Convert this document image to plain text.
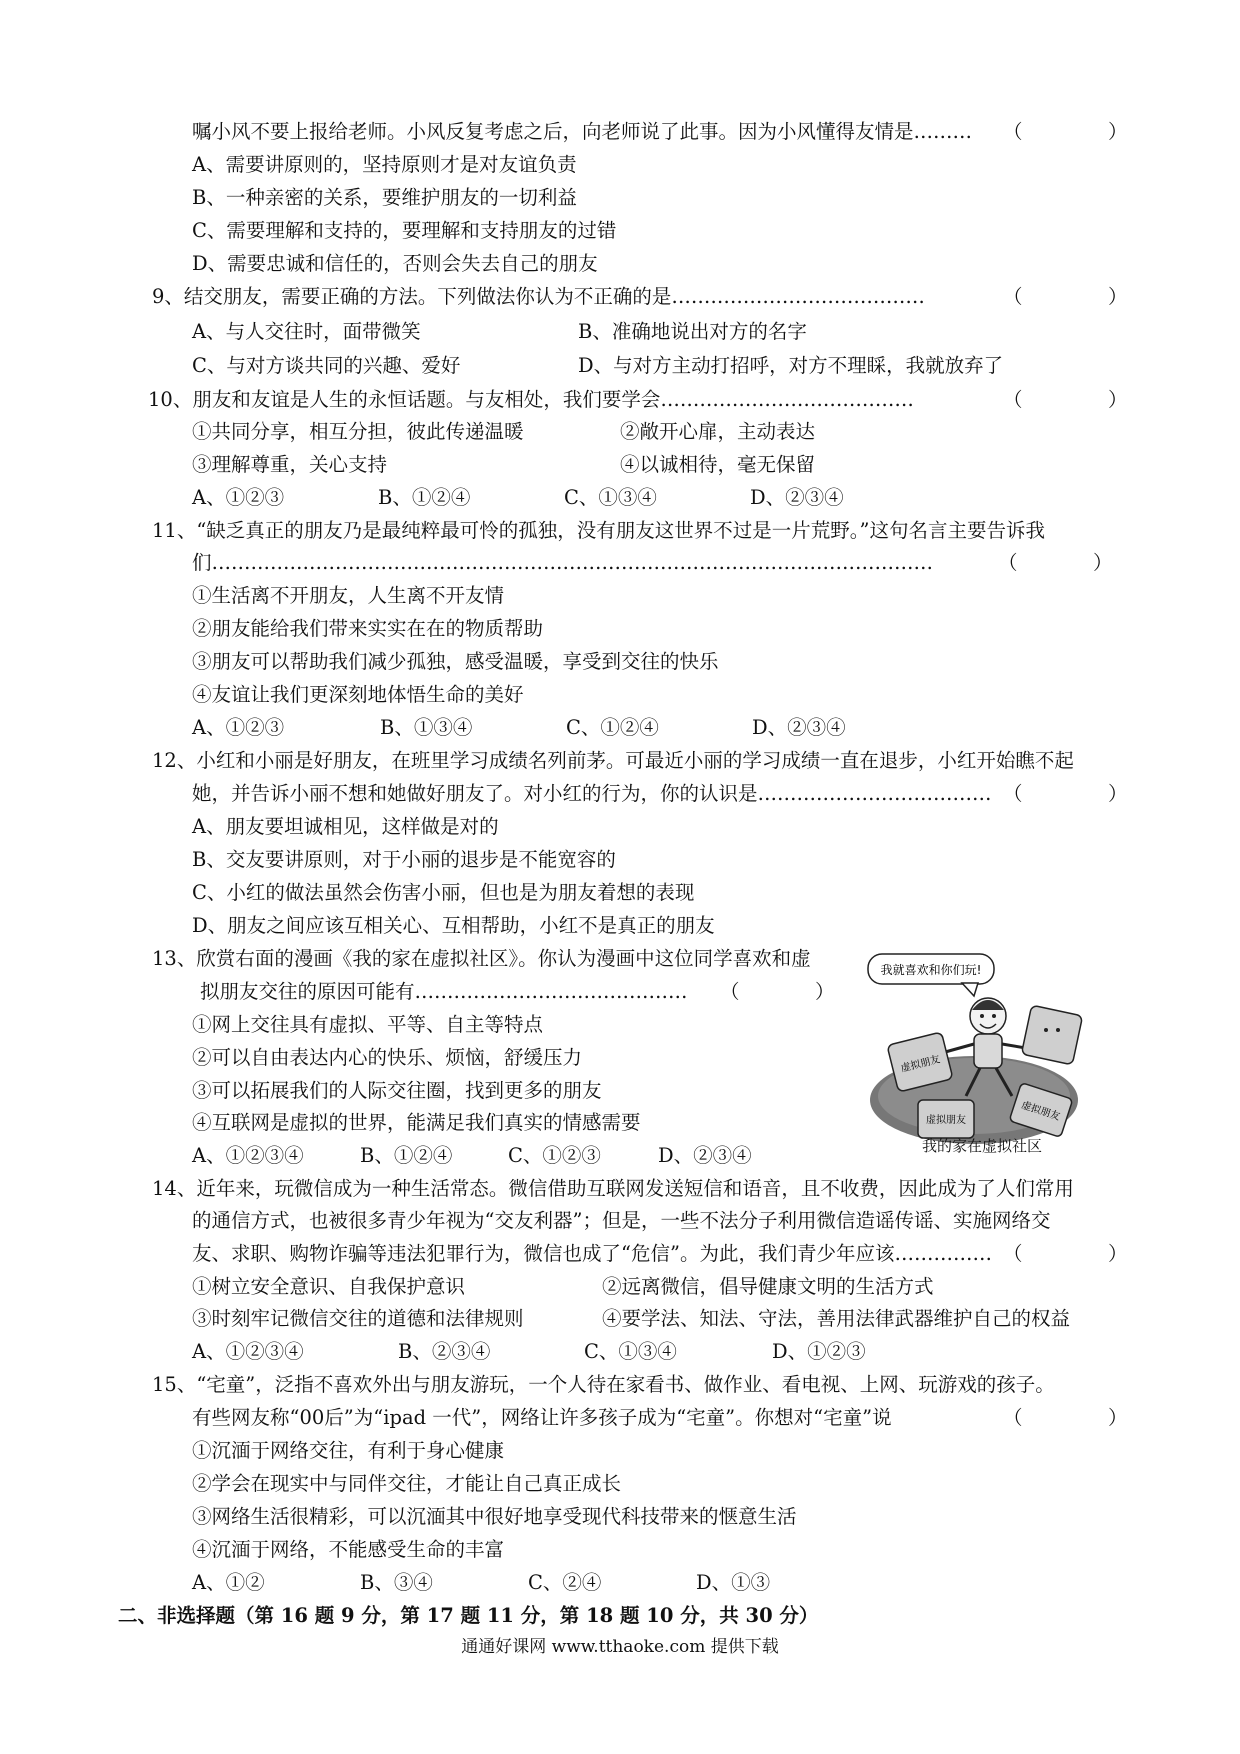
嘱小风不要上报给老师。小风反复考虑之后，向老师说了此事。因为小风懂得友情是……… （	）
A、需要讲原则的，坚持原则才是对友谊负责
B、一种亲密的关系，要维护朋友的一切利益
C、需要理解和支持的，要理解和支持朋友的过错
D、需要忠诚和信任的，否则会失去自己的朋友
9、结交朋友，需要正确的方法。下列做法你认为不正确的是…………………………………	（	）
A、与人交往时，面带微笑	B、准确地说出对方的名字
C、与对方谈共同的兴趣、爱好	D、与对方主动打招呼，对方不理睬，我就放弃了
10、朋友和友谊是人生的永恒话题。与友相处，我们要学会…………………………………	（	）
①共同分享，相互分担，彼此传递温暖	②敞开心扉，主动表达
③理解尊重，关心支持	④以诚相待，毫无保留
A、①②③	B、①②④	C、①③④	D、②③④
11、“缺乏真正的朋友乃是最纯粹最可怜的孤独，没有朋友这世界不过是一片荒野。”这句名言主要告诉我
们…………………………………………………………………………………………………	（	）
①生活离不开朋友，人生离不开友情
②朋友能给我们带来实实在在的物质帮助
③朋友可以帮助我们减少孤独，感受温暖，享受到交往的快乐
④友谊让我们更深刻地体悟生命的美好
A、①②③	B、①③④	C、①②④	D、②③④
12、小红和小丽是好朋友，在班里学习成绩名列前茅。可最近小丽的学习成绩一直在退步，小红开始瞧不起
她，并告诉小丽不想和她做好朋友了。对小红的行为，你的认识是……………………………… （	）
A、朋友要坦诚相见，这样做是对的
B、交友要讲原则，对于小丽的退步是不能宽容的
C、小红的做法虽然会伤害小丽，但也是为朋友着想的表现
D、朋友之间应该互相关心、互相帮助，小红不是真正的朋友
13、欣赏右面的漫画《我的家在虚拟社区》。你认为漫画中这位同学喜欢和虚
拟朋友交往的原因可能有…………………………………… （	）
①网上交往具有虚拟、平等、自主等特点
②可以自由表达内心的快乐、烦恼，舒缓压力
③可以拓展我们的人际交往圈，找到更多的朋友
④互联网是虚拟的世界，能满足我们真实的情感需要
A、①②③④	B、①②④	C、①②③	D、②③④
我就喜欢和你们玩!
虚拟朋友
虚拟朋友	虚拟朋友
我的家在虚拟社区
14、近年来，玩微信成为一种生活常态。微信借助互联网发送短信和语音，且不收费，因此成为了人们常用
的通信方式，也被很多青少年视为“交友利器”；但是，一些不法分子利用微信造谣传谣、实施网络交
友、求职、购物诈骗等违法犯罪行为，微信也成了“危信”。为此，我们青少年应该…………… （	）
①树立安全意识、自我保护意识	②远离微信，倡导健康文明的生活方式
③时刻牢记微信交往的道德和法律规则	④要学法、知法、守法，善用法律武器维护自己的权益
A、①②③④	B、②③④	C、①③④	D、①②③
15、“宅童”，泛指不喜欢外出与朋友游玩，一个人待在家看书、做作业、看电视、上网、玩游戏的孩子。
有些网友称“00后”为“ipad 一代”，网络让许多孩子成为“宅童”。你想对“宅童”说	（	）
①沉湎于网络交往，有利于身心健康
②学会在现实中与同伴交往，才能让自己真正成长
③网络生活很精彩，可以沉湎其中很好地享受现代科技带来的惬意生活
④沉湎于网络，不能感受生命的丰富
A、①②	B、③④	C、②④	D、①③
二、非选择题（第 16 题 9 分，第 17 题 11 分，第 18 题 10 分，共 30 分）
通通好课网 www.tthaoke.com 提供下载
